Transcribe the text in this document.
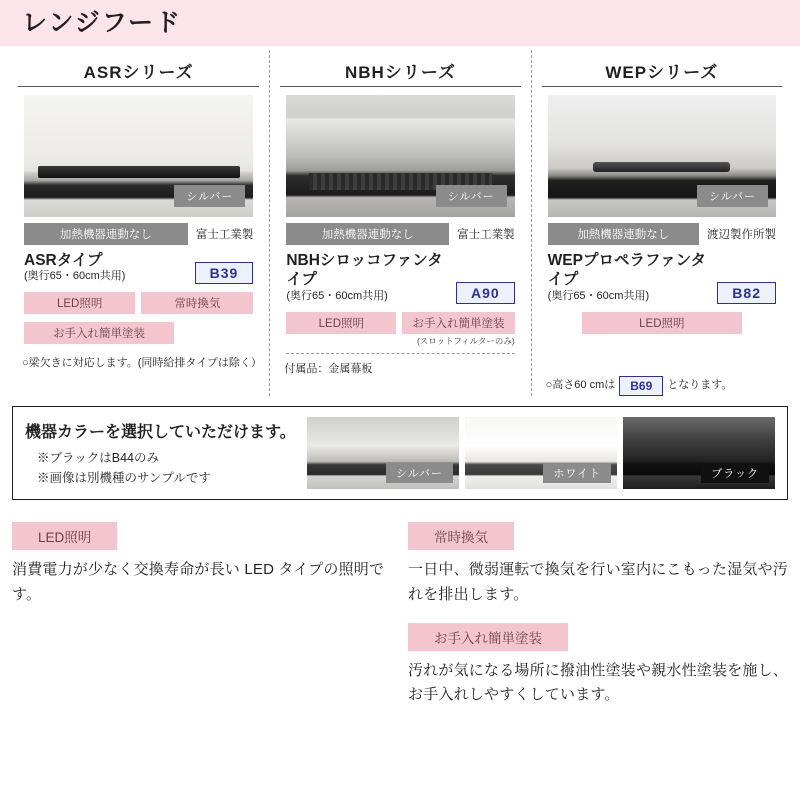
レンジフード
ASRシリーズ
シルバー
加熱機器連動なし	富士工業製
ASRタイプ
(奥行65・60cm共用)	B39
LED照明	常時換気
お手入れ簡単塗装
○梁欠きに対応します。(同時給排タイプは除く）
NBHシリーズ
シルバー
加熱機器連動なし	富士工業製
NBHシロッコファンタイプ
(奥行65・60cm共用)	A90
LED照明	お手入れ簡単塗装
(スロットフィルターのみ)
付属品：金属幕板
WEPシリーズ
シルバー
加熱機器連動なし	渡辺製作所製
WEPプロペラファンタイプ
(奥行65・60cm共用)	B82
LED照明
○高さ60 cmは	B69	となります。
機器カラーを選択していただけます。
※ブラックはB44のみ
※画像は別機種のサンプルです	シルバー	ホワイト	ブラック
LED照明
消費電力が少なく交換寿命が長い LED タイプの照明です。
常時換気
一日中、微弱運転で換気を行い室内にこもった湿気や汚れを排出します。
お手入れ簡単塗装
汚れが気になる場所に撥油性塗装や親水性塗装を施し、お手入れしやすくしています。
